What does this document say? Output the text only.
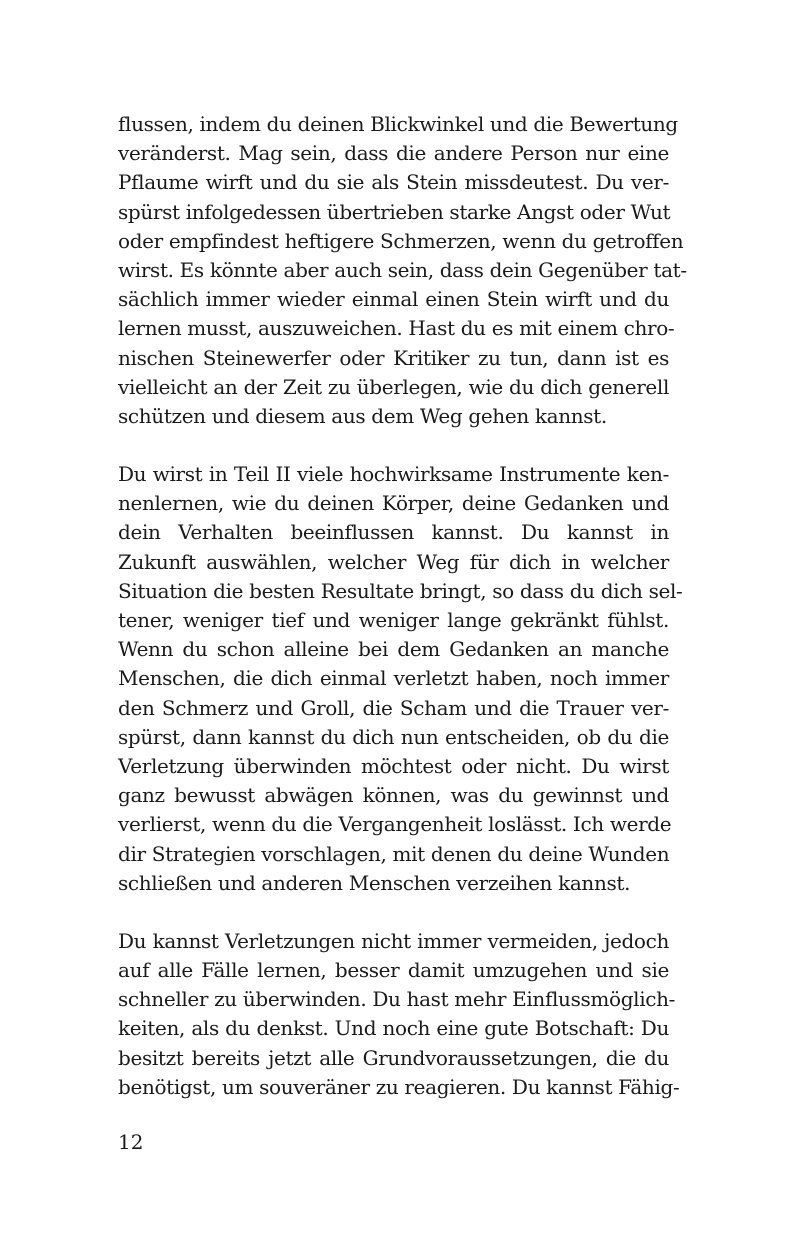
flussen, indem du deinen Blickwinkel und die Bewertung
veränderst. Mag sein, dass die andere Person nur eine
Pflaume wirft und du sie als Stein missdeutest. Du ver-
spürst infolgedessen übertrieben starke Angst oder Wut
oder empfindest heftigere Schmerzen, wenn du getroffen
wirst. Es könnte aber auch sein, dass dein Gegenüber tat-
sächlich immer wieder einmal einen Stein wirft und du
lernen musst, auszuweichen. Hast du es mit einem chro-
nischen Steinewerfer oder Kritiker zu tun, dann ist es
vielleicht an der Zeit zu überlegen, wie du dich generell
schützen und diesem aus dem Weg gehen kannst.
Du wirst in Teil II viele hochwirksame Instrumente ken-
nenlernen, wie du deinen Körper, deine Gedanken und
dein Verhalten beeinflussen kannst. Du kannst in
Zukunft auswählen, welcher Weg für dich in welcher
Situation die besten Resultate bringt, so dass du dich sel-
tener, weniger tief und weniger lange gekränkt fühlst.
Wenn du schon alleine bei dem Gedanken an manche
Menschen, die dich einmal verletzt haben, noch immer
den Schmerz und Groll, die Scham und die Trauer ver-
spürst, dann kannst du dich nun entscheiden, ob du die
Verletzung überwinden möchtest oder nicht. Du wirst
ganz bewusst abwägen können, was du gewinnst und
verlierst, wenn du die Vergangenheit loslässt. Ich werde
dir Strategien vorschlagen, mit denen du deine Wunden
schließen und anderen Menschen verzeihen kannst.
Du kannst Verletzungen nicht immer vermeiden, jedoch
auf alle Fälle lernen, besser damit umzugehen und sie
schneller zu überwinden. Du hast mehr Einflussmöglich-
keiten, als du denkst. Und noch eine gute Botschaft: Du
besitzt bereits jetzt alle Grundvoraussetzungen, die du
benötigst, um souveräner zu reagieren. Du kannst Fähig-
12
